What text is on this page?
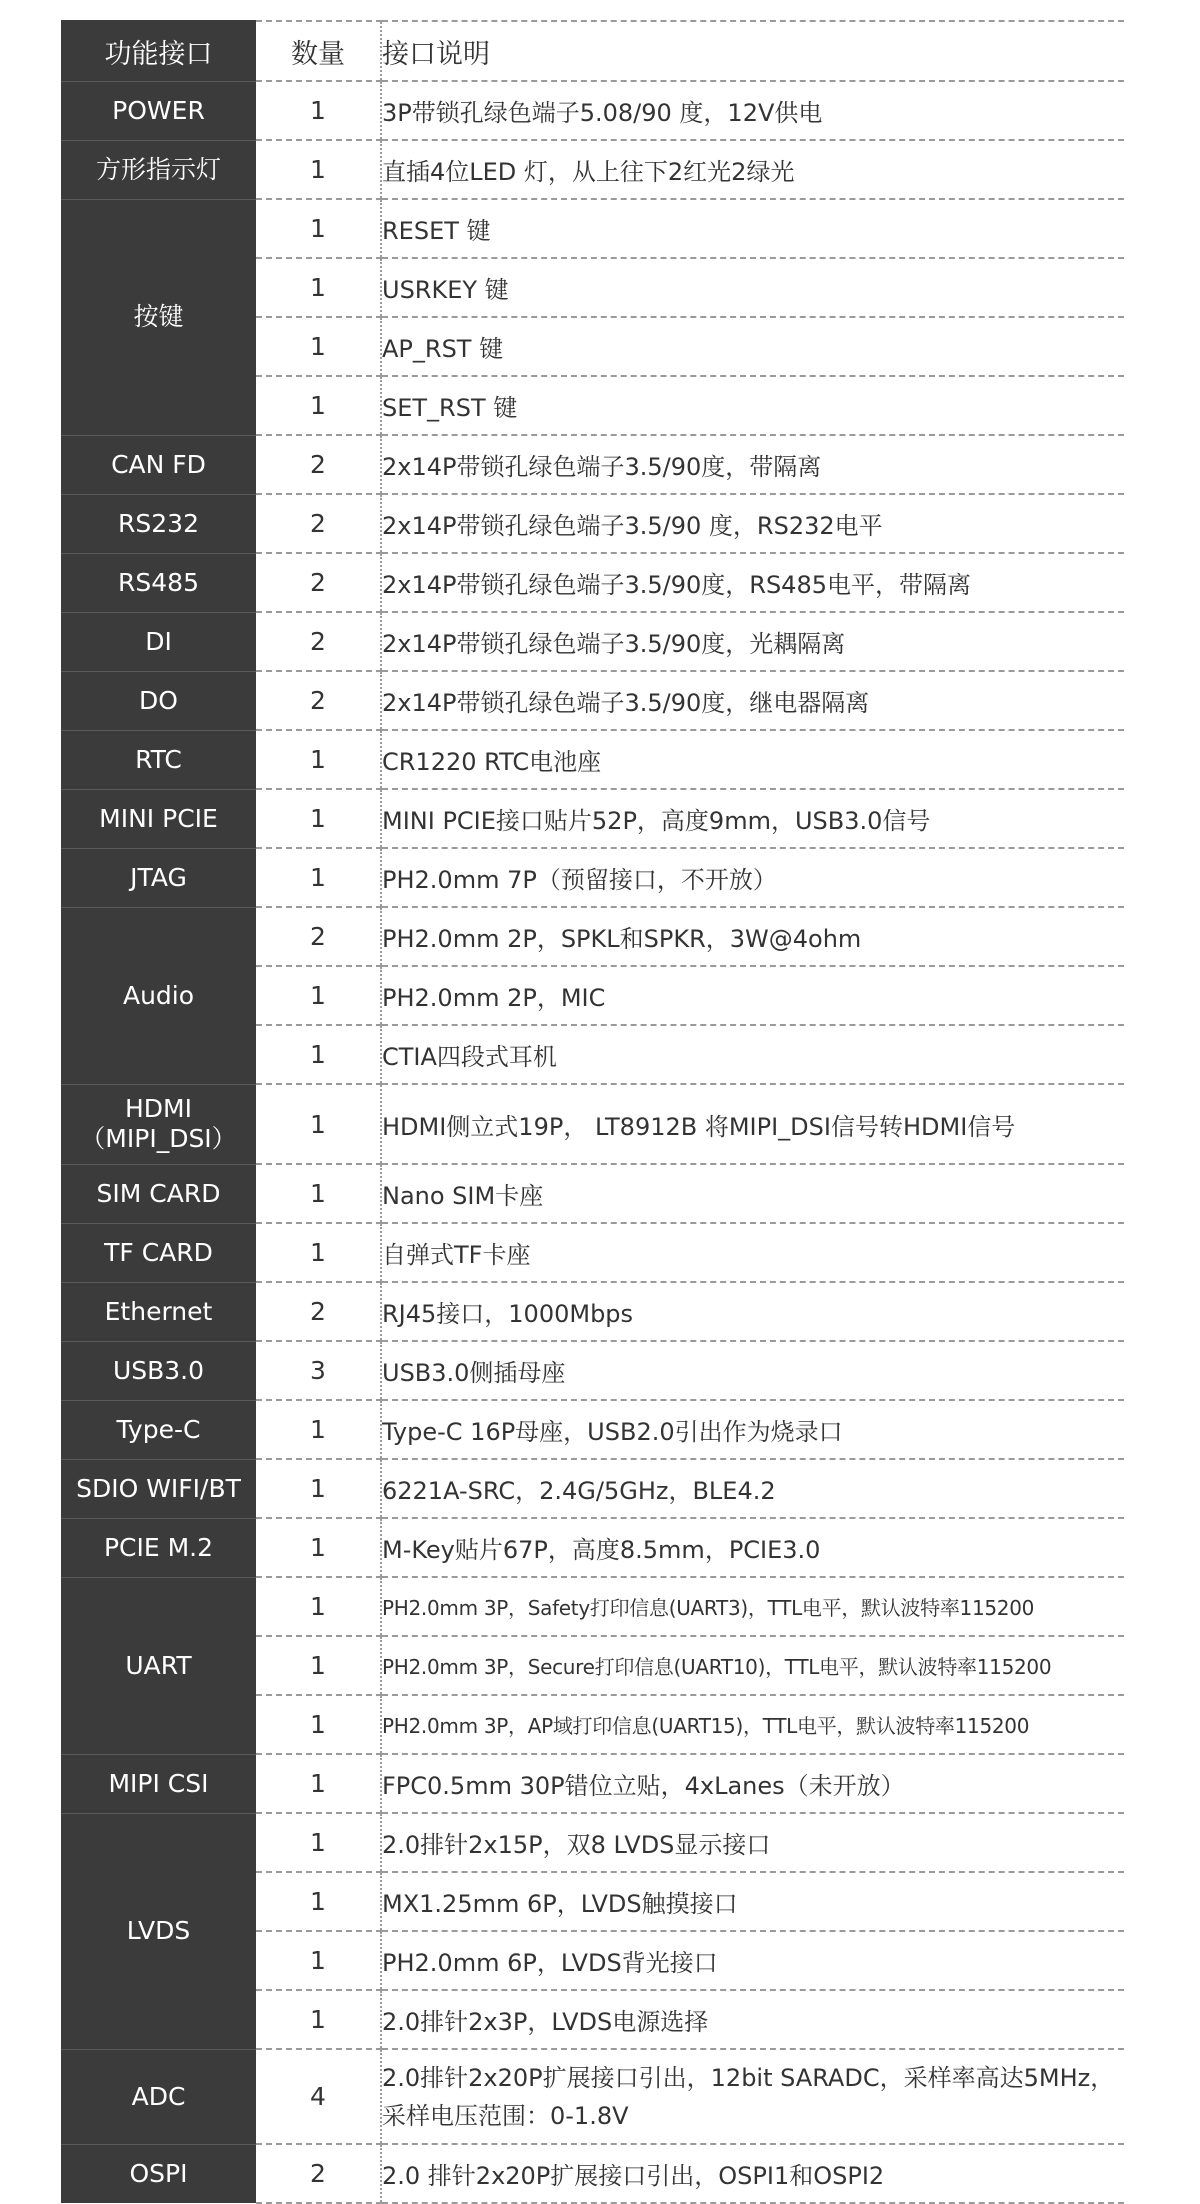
功能接口	数量	接口说明
POWER	1	3P带锁孔绿色端子5.08/90 度，12V供电
方形指示灯	1	直插4位LED 灯，从上往下2红光2绿光
按键	1	RESET 键
	1	USRKEY 键
	1	AP_RST 键
	1	SET_RST 键
CAN FD	2	2x14P带锁孔绿色端子3.5/90度，带隔离
RS232	2	2x14P带锁孔绿色端子3.5/90 度，RS232电平
RS485	2	2x14P带锁孔绿色端子3.5/90度，RS485电平，带隔离
DI	2	2x14P带锁孔绿色端子3.5/90度，光耦隔离
DO	2	2x14P带锁孔绿色端子3.5/90度，继电器隔离
RTC	1	CR1220 RTC电池座
MINI PCIE	1	MINI PCIE接口贴片52P，高度9mm，USB3.0信号
JTAG	1	PH2.0mm 7P（预留接口，不开放）
Audio	2	PH2.0mm 2P，SPKL和SPKR，3W@4ohm
	1	PH2.0mm 2P，MIC
	1	CTIA四段式耳机
HDMI
（MIPI_DSI）	1	HDMI侧立式19P， LT8912B 将MIPI_DSI信号转HDMI信号
SIM CARD	1	Nano SIM卡座
TF CARD	1	自弹式TF卡座
Ethernet	2	RJ45接口，1000Mbps
USB3.0	3	USB3.0侧插母座
Type-C	1	Type-C 16P母座，USB2.0引出作为烧录口
SDIO WIFI/BT	1	6221A-SRC，2.4G/5GHz，BLE4.2
PCIE M.2	1	M-Key贴片67P，高度8.5mm，PCIE3.0
UART	1	PH2.0mm 3P，Safety打印信息(UART3)，TTL电平，默认波特率115200
	1	PH2.0mm 3P，Secure打印信息(UART10)，TTL电平，默认波特率115200
	1	PH2.0mm 3P，AP域打印信息(UART15)，TTL电平，默认波特率115200
MIPI CSI	1	FPC0.5mm 30P错位立贴，4xLanes（未开放）
LVDS	1	2.0排针2x15P，双8 LVDS显示接口
	1	MX1.25mm 6P，LVDS触摸接口
	1	PH2.0mm 6P，LVDS背光接口
	1	2.0排针2x3P，LVDS电源选择
ADC	4	2.0排针2x20P扩展接口引出，12bit SARADC，采样率高达5MHz，采样电压范围：0-1.8V
OSPI	2	2.0 排针2x20P扩展接口引出，OSPI1和OSPI2
